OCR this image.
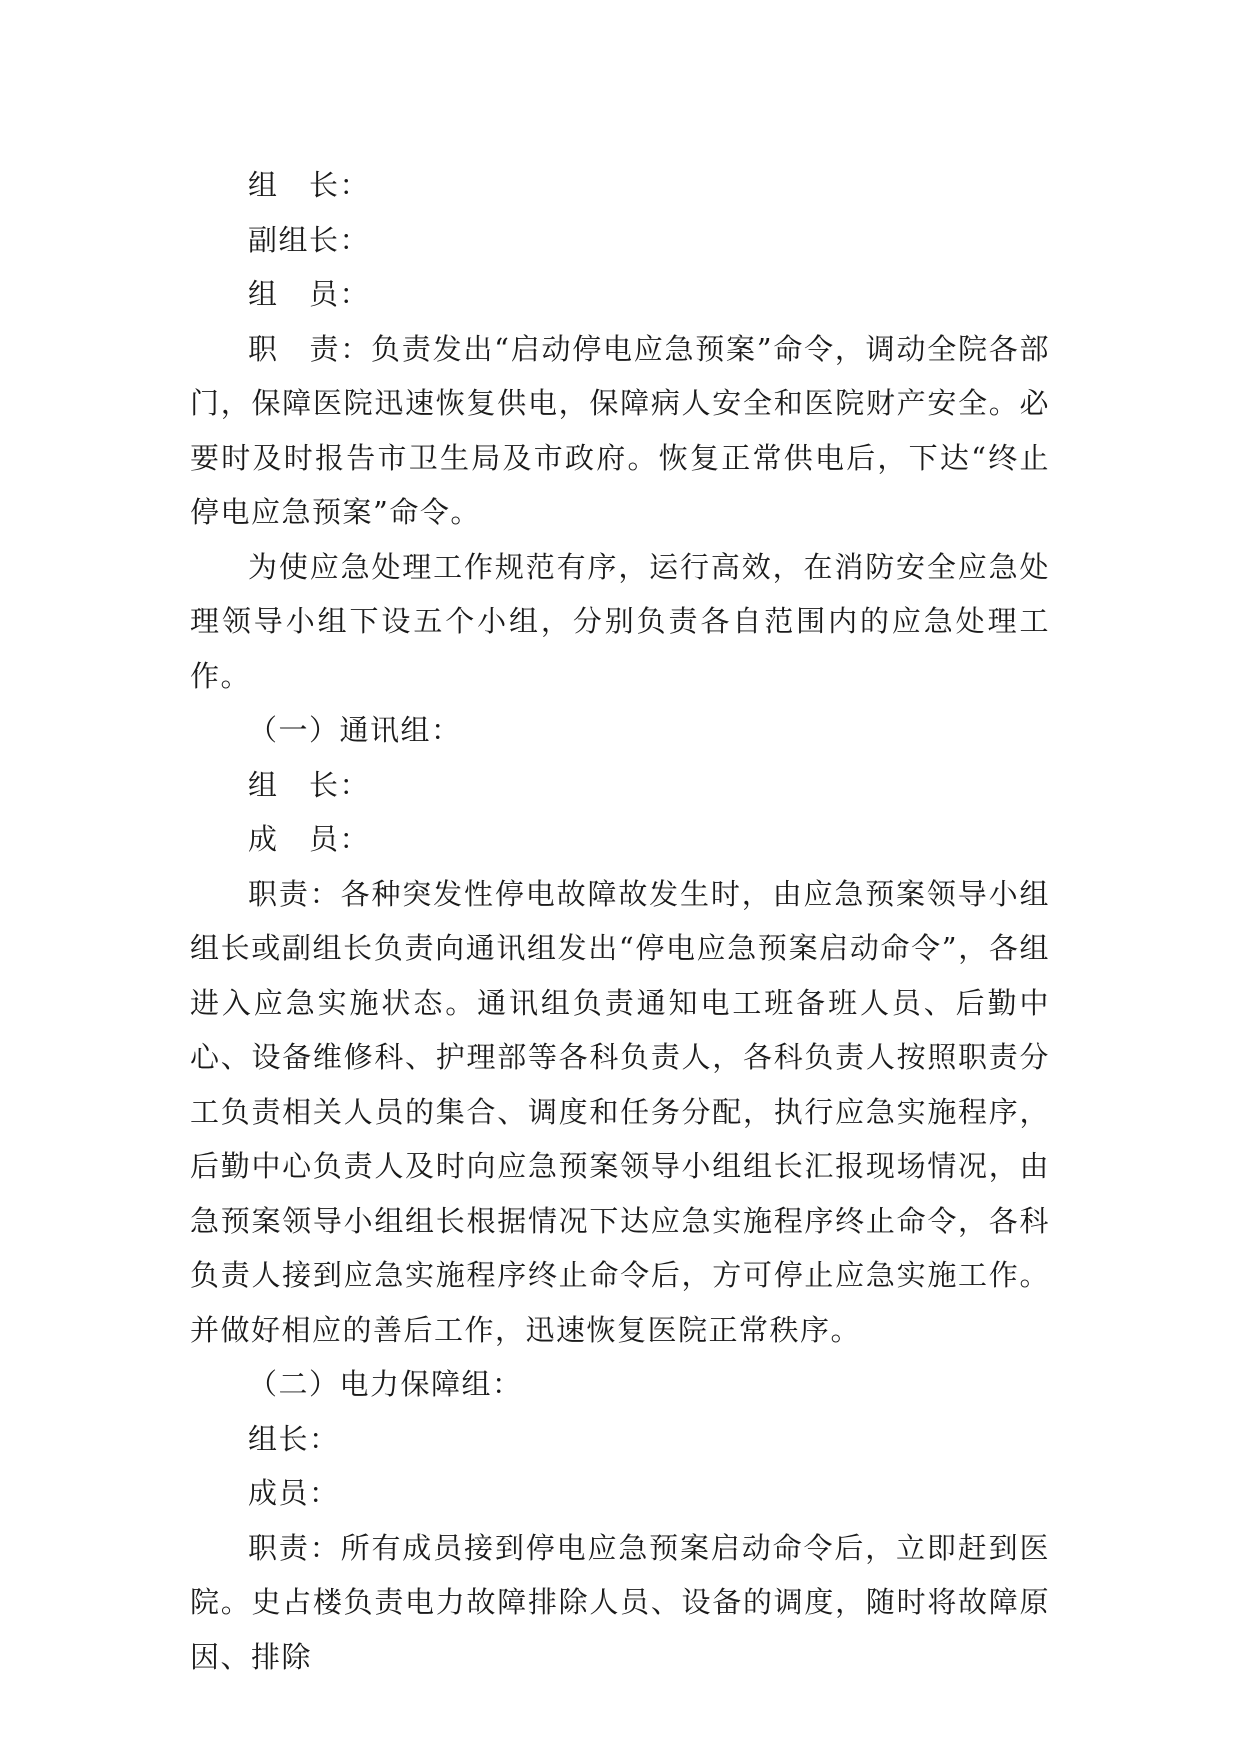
组　长：
副组长：
组　员：
职　责：负责发出“启动停电应急预案”命令，调动全院各部门，保障医院迅速恢复供电，保障病人安全和医院财产安全。必要时及时报告市卫生局及市政府。恢复正常供电后，下达“终止停电应急预案”命令。
为使应急处理工作规范有序，运行高效，在消防安全应急处理领导小组下设五个小组，分别负责各自范围内的应急处理工作。
（一）通讯组：
组　长：
成　员：
职责：各种突发性停电故障故发生时，由应急预案领导小组组长或副组长负责向通讯组发出“停电应急预案启动命令”，各组进入应急实施状态。通讯组负责通知电工班备班人员、后勤中心、设备维修科、护理部等各科负责人，各科负责人按照职责分工负责相关人员的集合、调度和任务分配，执行应急实施程序，后勤中心负责人及时向应急预案领导小组组长汇报现场情况，由急预案领导小组组长根据情况下达应急实施程序终止命令，各科负责人接到应急实施程序终止命令后，方可停止应急实施工作。并做好相应的善后工作，迅速恢复医院正常秩序。
（二）电力保障组：
组长：
成员：
职责：所有成员接到停电应急预案启动命令后，立即赶到医院。史占楼负责电力故障排除人员、设备的调度，随时将故障原因、排除
